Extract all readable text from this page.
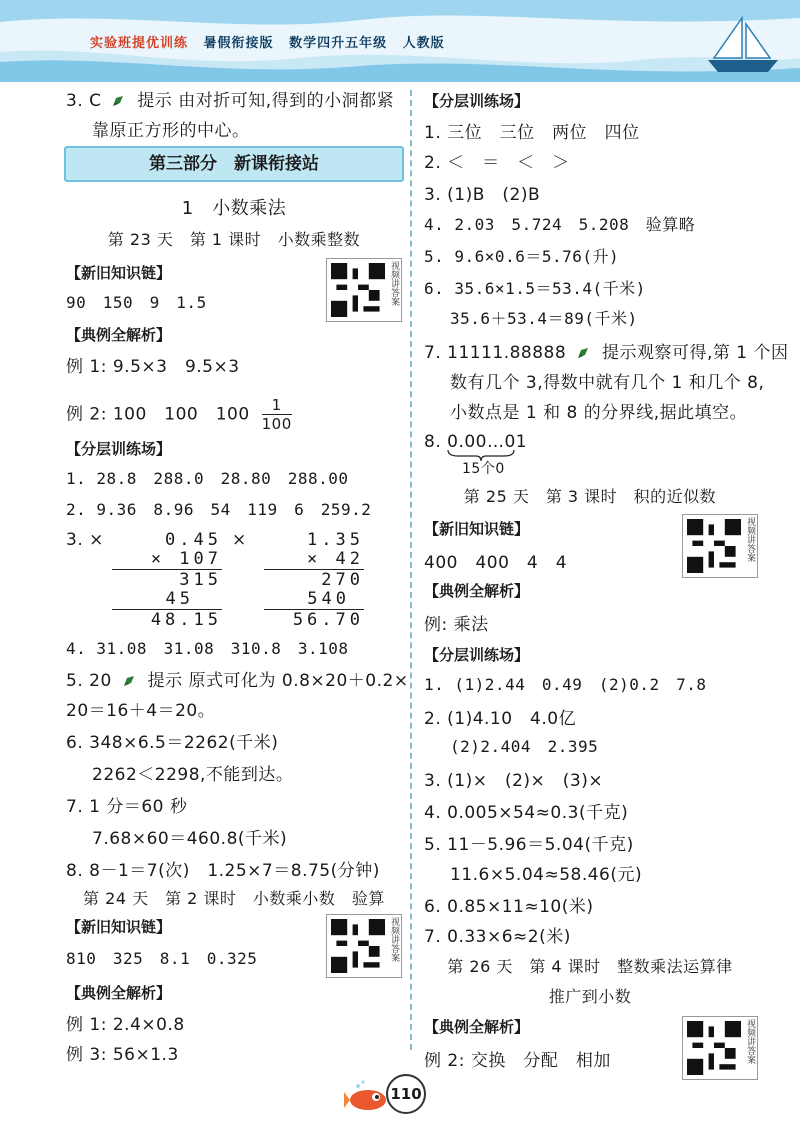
实验班提优训练 暑假衔接版 数学四升五年级 人教版
3. C 提示 由对折可知,得到的小洞都紧
靠原正方形的中心。
第三部分　新课衔接站
1　小数乘法
第 23 天　第 1 课时　小数乘整数
【新旧知识链】
90　150　9　1.5	视频讲答案
【典例全解析】
例 1: 9.5×3　9.5×3
例 2: 100　100　$100 \frac{1}{100}$
【分层训练场】
1. 28.8　288.0　28.80　288.00
2. 9.36　8.96　54　119　6　259.2
3. ×	×
0.45
× 107
315
45
48.15
1.35
× 42
270
540
56.70
4. 31.08　31.08　310.8　3.108
5. 20 提示 原式可化为 0.8×20＋0.2×
20＝16＋4＝20。
6. 348×6.5＝2262(千米)
2262＜2298,不能到达。
7. 1 分＝60 秒
7.68×60＝460.8(千米)
8. 8－1＝7(次)　1.25×7＝8.75(分钟)
第 24 天　第 2 课时　小数乘小数　验算
【新旧知识链】
810　325　8.1　0.325	视频讲答案
【典例全解析】
例 1: 2.4×0.8
例 3: 56×1.3
【分层训练场】
1. 三位　三位　两位　四位
2. ＜　＝　＜　＞
3. (1)B　(2)B
4. 2.03　5.724　5.208　验算略
5. 9.6×0.6＝5.76(升)
6. 35.6×1.5＝53.4(千米)
35.6＋53.4＝89(千米)
7. 11111.88888 提示观察可得,第 1 个因
数有几个 3,得数中就有几个 1 和几个 8,
小数点是 1 和 8 的分界线,据此填空。
8. 0.00…01
15个0
第 25 天　第 3 课时　积的近似数
【新旧知识链】
400　400　4　4
视频讲答案
【典例全解析】
例: 乘法
【分层训练场】
1. (1)2.44　0.49　(2)0.2　7.8
2. (1)4.10　4.0亿
(2)2.404　2.395
3. (1)×　(2)×　(3)×
4. 0.005×54≈0.3(千克)
5. 11－5.96＝5.04(千克)
11.6×5.04≈58.46(元)
6. 0.85×11≈10(米)
7. 0.33×6≈2(米)
第 26 天　第 4 课时　整数乘法运算律
推广到小数
【典例全解析】
例 2: 交换　分配　相加	视频讲答案
110
